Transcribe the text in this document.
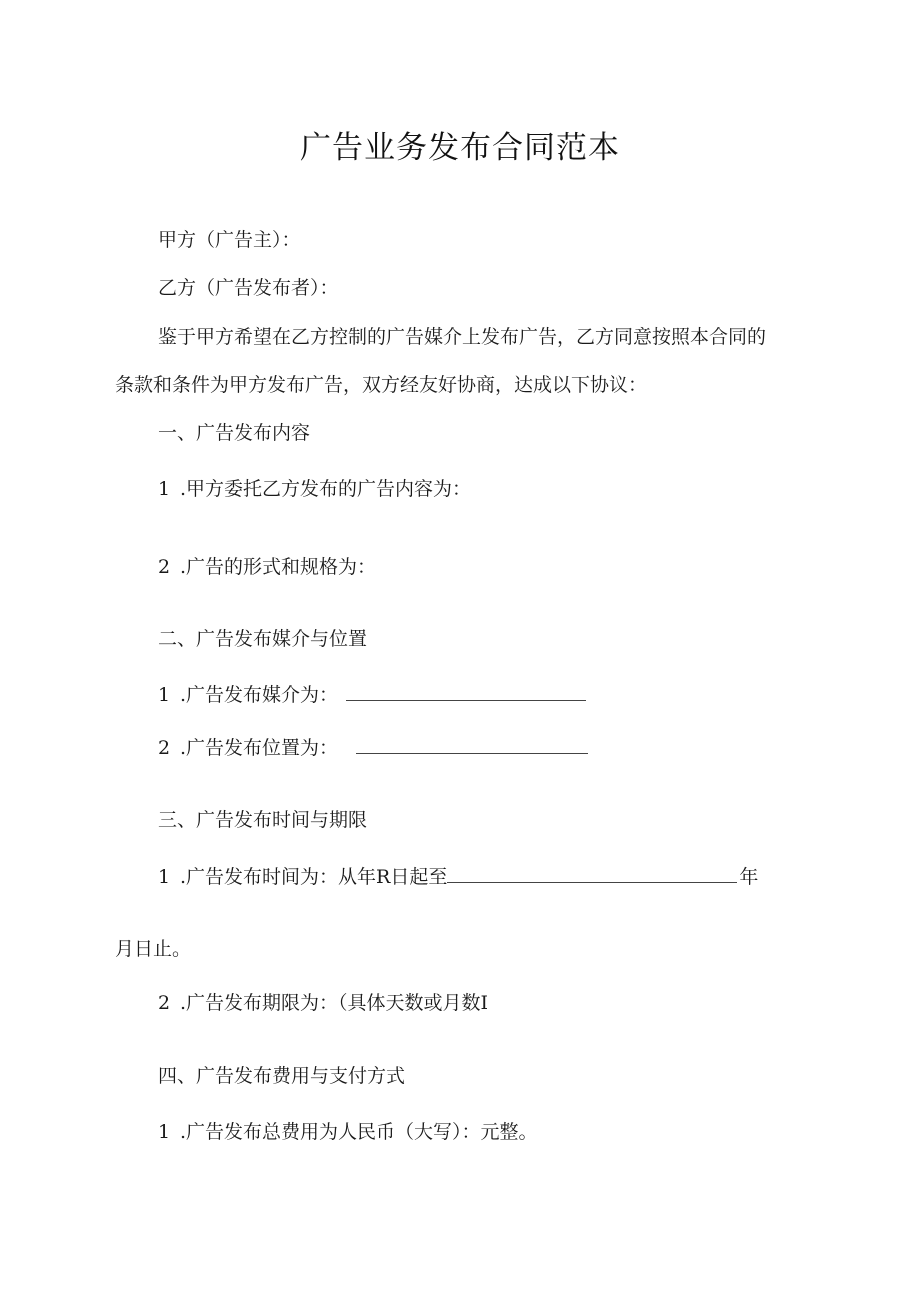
广告业务发布合同范本
甲方（广告主）：
乙方（广告发布者）：
鉴于甲方希望在乙方控制的广告媒介上发布广告，乙方同意按照本合同的
条款和条件为甲方发布广告，双方经友好协商，达成以下协议：
一、广告发布内容
1 .甲方委托乙方发布的广告内容为：
2 .广告的形式和规格为：
二、广告发布媒介与位置
1 .广告发布媒介为：
2 .广告发布位置为：
三、广告发布时间与期限
1 .广告发布时间为：从年R日起至	年
月日止。
2 .广告发布期限为：（具体天数或月数I
四、广告发布费用与支付方式
1 .广告发布总费用为人民币（大写）：元整。
